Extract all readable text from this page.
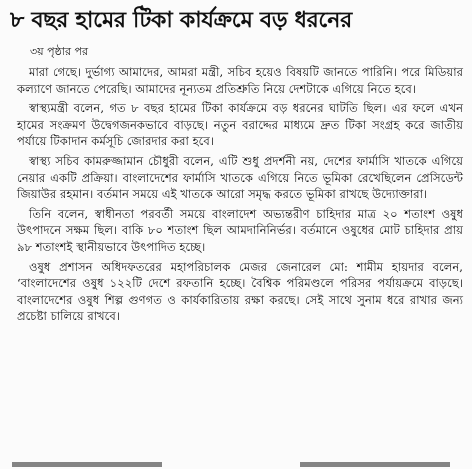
৮ বছর হামের টিকা কার্যক্রমে বড় ধরনের
৩য় পৃষ্ঠার পর

মারা গেছে। দুর্ভাগ্য আমাদের, আমরা মন্ত্রী, সচিব হয়েও বিষয়টি জানতে পারিনি। পরে মিডিয়ার কল্যাণে জানতে পেরেছি। আমাদের নূন্যতম প্রতিশ্রুতি নিয়ে দেশটাকে এগিয়ে নিতে হবে।

স্বাস্থ্যমন্ত্রী বলেন, গত ৮ বছর হামের টিকা কার্যক্রমে বড় ধরনের ঘাটতি ছিল। এর ফলে এখন হামের সংক্রমণ উদ্বেগজনকভাবে বাড়ছে। নতুন বরাদ্দের মাধ্যমে দ্রুত টিকা সংগ্রহ করে জাতীয় পর্যায়ে টিকাদান কর্মসূচি জোরদার করা হবে।

স্বাস্থ্য সচিব কামরুজ্জামান চৌধুরী বলেন, এটি শুধু প্রদর্শনী নয়, দেশের ফার্মাসি খাতকে এগিয়ে নেয়ার একটি প্রক্রিয়া। বাংলাদেশের ফার্মাসি খাতকে এগিয়ে নিতে ভূমিকা রেখেছিলেন প্রেসিডেন্ট জিয়াউর রহমান। বর্তমান সময়ে এই খাতকে আরো সমৃদ্ধ করতে ভূমিকা রাখছে উদ্যোক্তারা।

তিনি বলেন, স্বাধীনতা পরবর্তী সময়ে বাংলাদেশ অভ্যন্তরীণ চাহিদার মাত্র ২০ শতাংশ ওষুধ উৎপাদনে সক্ষম ছিল। বাকি ৮০ শতাংশ ছিল আমদানিনির্ভর। বর্তমানে ওষুধের মোট চাহিদার প্রায় ৯৮ শতাংশই স্থানীয়ভাবে উৎপাদিত হচ্ছে।

ওষুধ প্রশাসন অধিদফতরের মহাপরিচালক মেজর জেনারেল মো: শামীম হায়দার বলেন, ‘বাংলাদেশের ওষুধ ১২২টি দেশে রফতানি হচ্ছে। বৈশ্বিক পরিমণ্ডলে পরিসর পর্যায়ক্রমে বাড়ছে। বাংলাদেশের ওষুধ শিল্প গুণগত ও কার্যকারিতায় রক্ষা করছে। সেই সাথে সুনাম ধরে রাখার জন্য প্রচেষ্টা চালিয়ে রাখবে।
